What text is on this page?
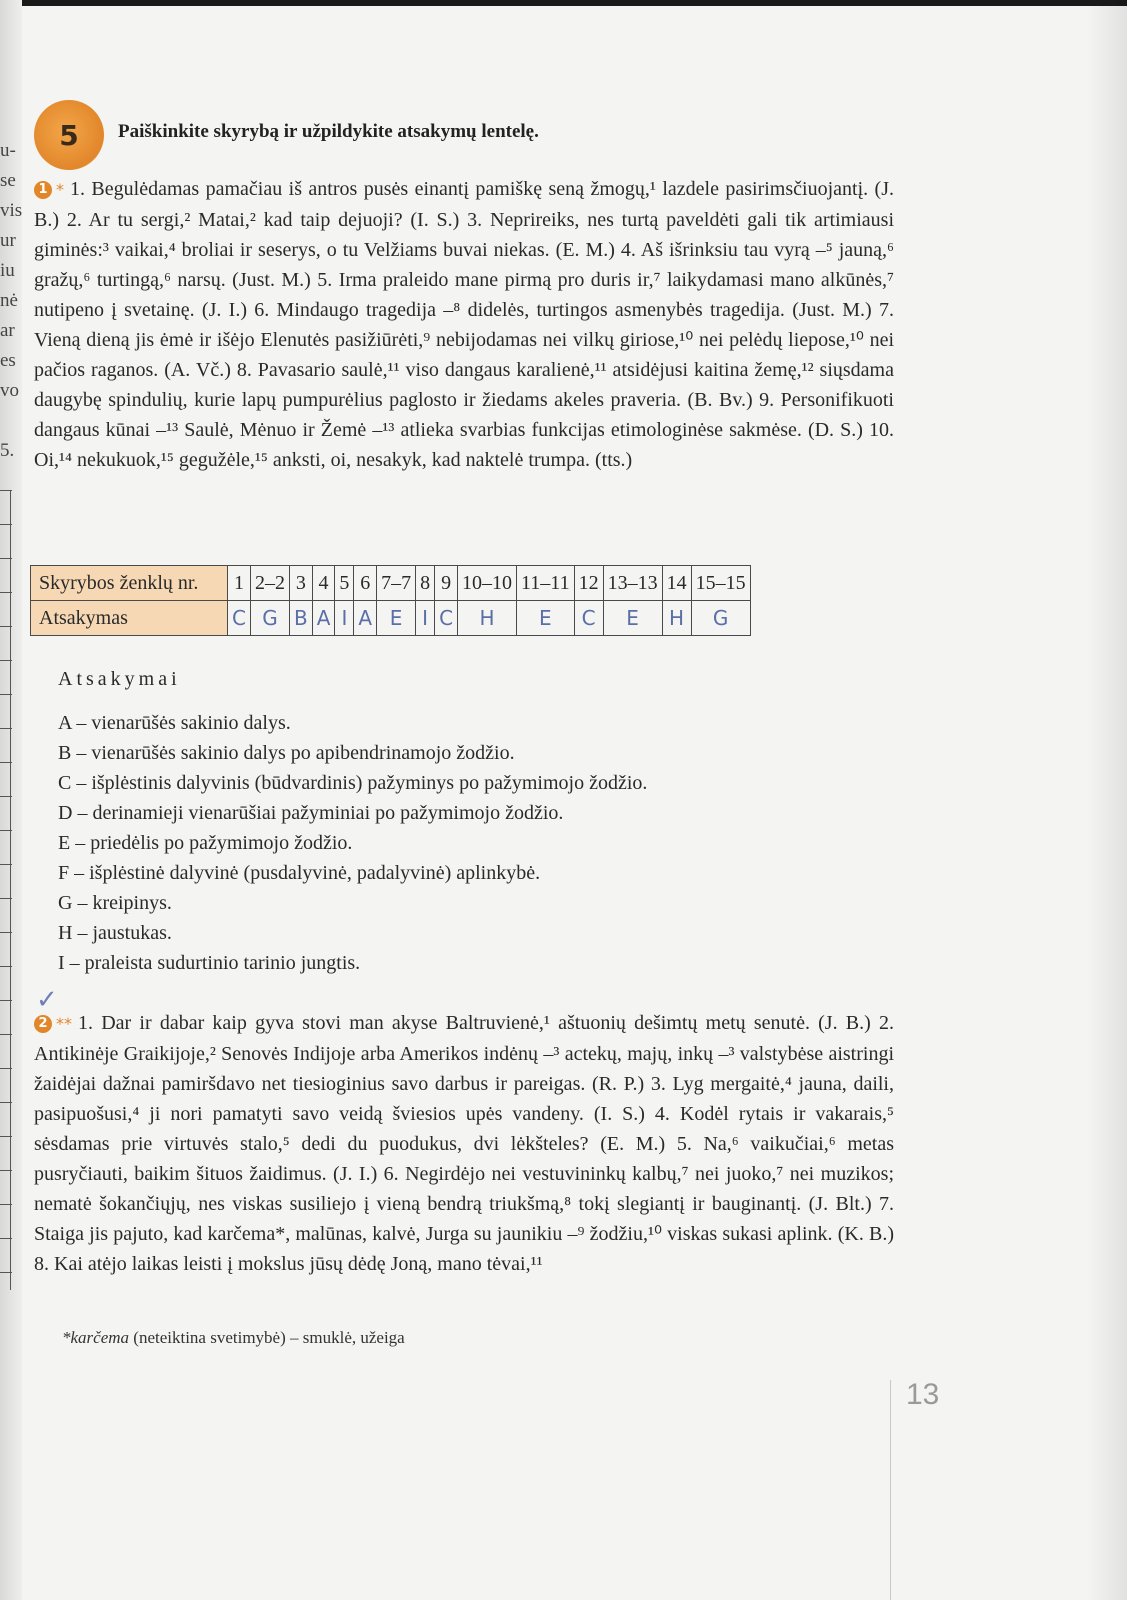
u-
se
vis
ur
iu
nė
ar
es
vo
5.
5 Paiškinkite skyrybą ir užpildykite atsakymų lentelę.
1 * 1. Begulėdamas pamačiau iš antros pusės einantį pamiškę seną žmogų,¹ lazdele pasirimsčiuojantį. (J. B.) 2. Ar tu sergi,² Matai,² kad taip dejuoji? (I. S.) 3. Neprireiks, nes turtą paveldėti gali tik artimiausi giminės:³ vaikai,⁴ broliai ir seserys, o tu Velžiams buvai niekas. (E. M.) 4. Aš išrinksiu tau vyrą –⁵ jauną,⁶ gražų,⁶ turtingą,⁶ narsų. (Just. M.) 5. Irma praleido mane pirmą pro duris ir,⁷ laikydamasi mano alkūnės,⁷ nutipeno į svetainę. (J. I.) 6. Mindaugo tragedija –⁸ didelės, turtingos asmenybės tragedija. (Just. M.) 7. Vieną dieną jis ėmė ir išėjo Elenutės pasižiūrėti,⁹ nebijodamas nei vilkų giriose,¹⁰ nei pelėdų liepose,¹⁰ nei pačios raganos. (A. Vč.) 8. Pavasario saulė,¹¹ viso dangaus karalienė,¹¹ atsidėjusi kaitina žemę,¹² siųsdama daugybę spindulių, kurie lapų pumpurėlius paglosto ir žiedams akeles praveria. (B. Bv.) 9. Personifikuoti dangaus kūnai –¹³ Saulė, Mėnuo ir Žemė –¹³ atlieka svarbias funkcijas etimologinėse sakmėse. (D. S.) 10. Oi,¹⁴ nekukuok,¹⁵ gegužėle,¹⁵ anksti, oi, nesakyk, kad naktelė trumpa. (tts.)
Skyrybos ženklų nr.	1	2–2	3	4	5	6	7–7	8	9	10–10	11–11	12	13–13	14	15–15
Atsakymas	C	G	B	A	I	A	E	I	C	H	E	C	E	H	G
Atsakymai
A – vienarūšės sakinio dalys.
B – vienarūšės sakinio dalys po apibendrinamojo žodžio.
C – išplėstinis dalyvinis (būdvardinis) pažyminys po pažymimojo žodžio.
D – derinamieji vienarūšiai pažyminiai po pažymimojo žodžio.
E – priedėlis po pažymimojo žodžio.
F – išplėstinė dalyvinė (pusdalyvinė, padalyvinė) aplinkybė.
G – kreipinys.
H – jaustukas.
I – praleista sudurtinio tarinio jungtis.
✓
2 ** 1. Dar ir dabar kaip gyva stovi man akyse Baltruvienė,¹ aštuonių dešimtų metų senutė. (J. B.) 2. Antikinėje Graikijoje,² Senovės Indijoje arba Amerikos indėnų –³ actekų, majų, inkų –³ valstybėse aistringi žaidėjai dažnai pamiršdavo net tiesioginius savo darbus ir pareigas. (R. P.) 3. Lyg mergaitė,⁴ jauna, daili, pasipuošusi,⁴ ji nori pamatyti savo veidą šviesios upės vandeny. (I. S.) 4. Kodėl rytais ir vakarais,⁵ sėsdamas prie virtuvės stalo,⁵ dedi du puodukus, dvi lėkšteles? (E. M.) 5. Na,⁶ vaikučiai,⁶ metas pusryčiauti, baikim šituos žaidimus. (J. I.) 6. Negirdėjo nei vestuvininkų kalbų,⁷ nei juoko,⁷ nei muzikos; nematė šokančiųjų, nes viskas susiliejo į vieną bendrą triukšmą,⁸ tokį slegiantį ir bauginantį. (J. Blt.) 7. Staiga jis pajuto, kad karčema*, malūnas, kalvė, Jurga su jaunikiu –⁹ žodžiu,¹⁰ viskas sukasi aplink. (K. B.) 8. Kai atėjo laikas leisti į mokslus jūsų dėdę Joną, mano tėvai,¹¹
*karčema (neteiktina svetimybė) – smuklė, užeiga
13
